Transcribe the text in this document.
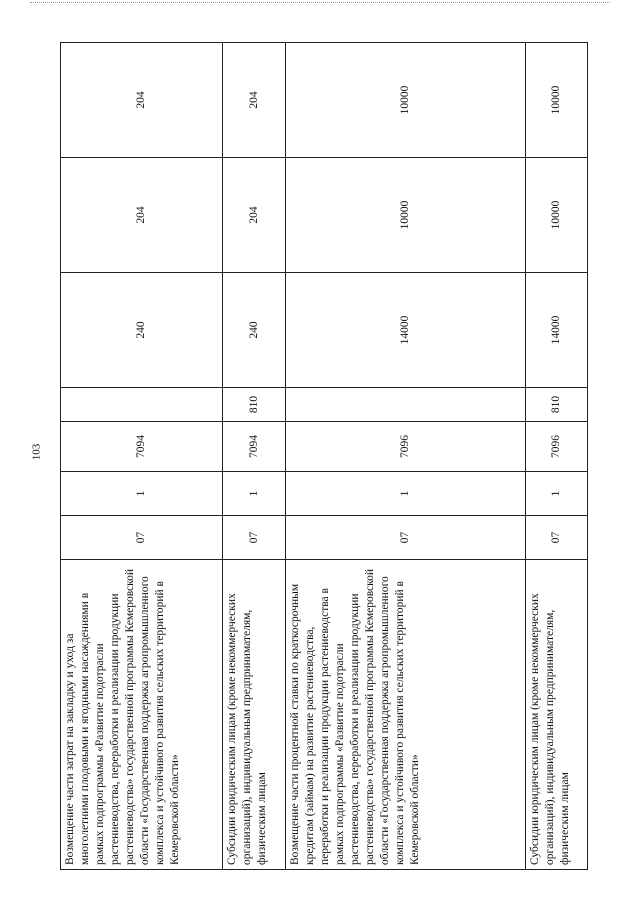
103
Возмещение части затрат на закладку и уход за многолетними плодовыми и ягодными насаждениями в рамках подпрограммы «Развитие подотрасли растениеводства, переработки и реализации продукции растениеводства» государственной программы Кемеровской области «Государственная поддержка агропромышленного комплекса и устойчивого развития сельских территорий в Кемеровской области»	07	1	7094		240	204	204
Субсидии юридическим лицам (кроме некоммерческих организаций), индивидуальным предпринимателям, физическим лицам	07	1	7094	810	240	204	204
Возмещение части процентной ставки по краткосрочным кредитам (займам) на развитие растениеводства, переработки и реализации продукции растениеводства в рамках подпрограммы «Развитие подотрасли растениеводства, переработки и реализации продукции растениеводства» государственной программы Кемеровской области «Государственная поддержка агропромышленного комплекса и устойчивого развития сельских территорий в Кемеровской области»	07	1	7096		14000	10000	10000
Субсидии юридическим лицам (кроме некоммерческих организаций), индивидуальным предпринимателям, физическим лицам	07	1	7096	810	14000	10000	10000
